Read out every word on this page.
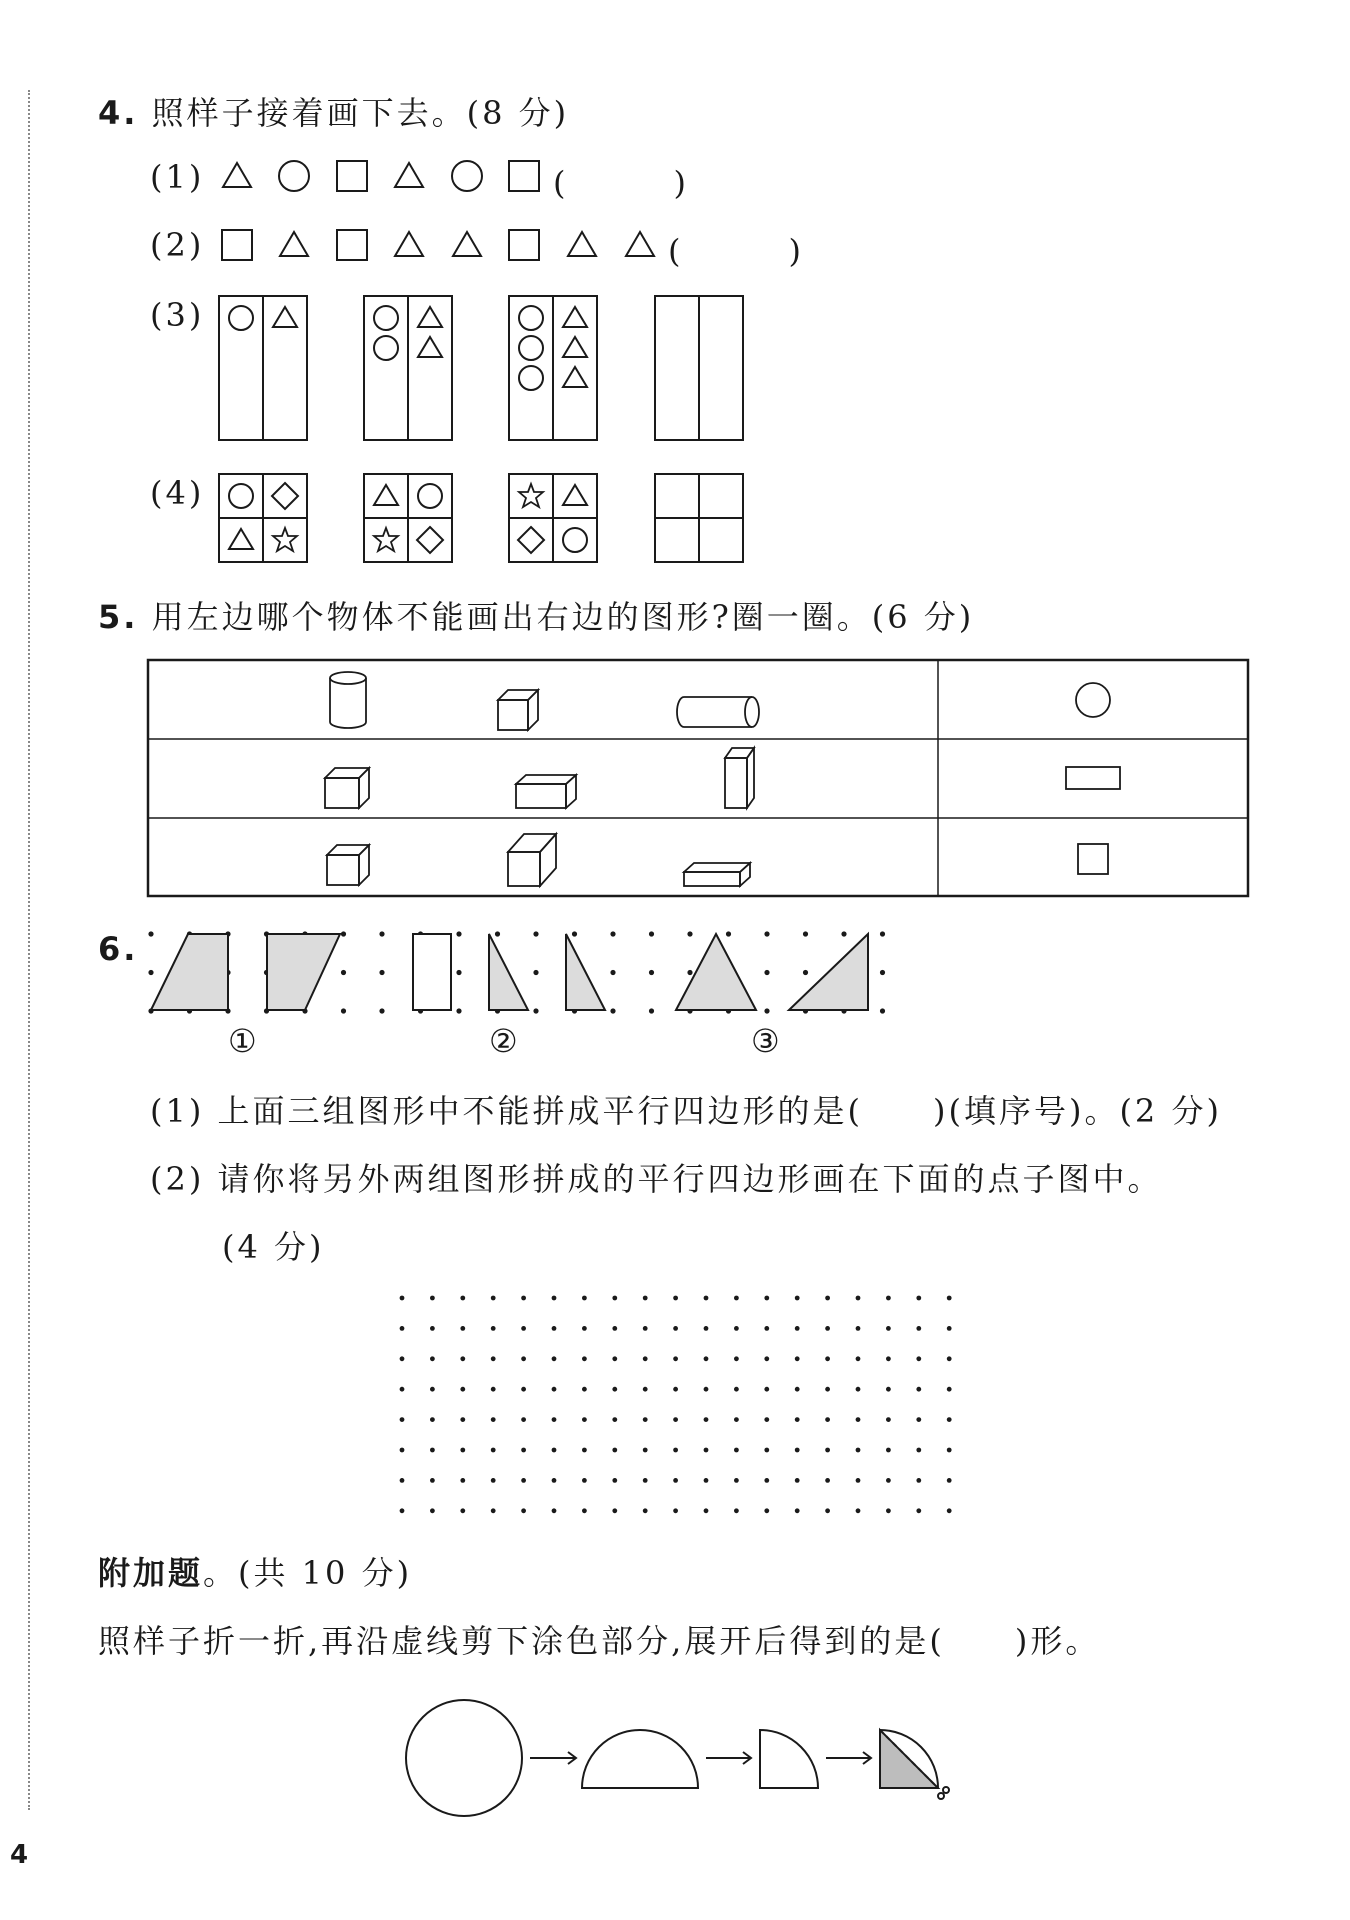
4. 照样子接着画下去。(8 分)
(1)
(2)
(3)
(4)
(　　　)
(　　　)
5. 用左边哪个物体不能画出右边的图形?圈一圈。(6 分)
6.
①	②	③
(1) 上面三组图形中不能拼成平行四边形的是(　　)(填序号)。(2 分)
(2) 请你将另外两组图形拼成的平行四边形画在下面的点子图中。
(4 分)
附加题。(共 10 分)
照样子折一折,再沿虚线剪下涂色部分,展开后得到的是(　　)形。
4
